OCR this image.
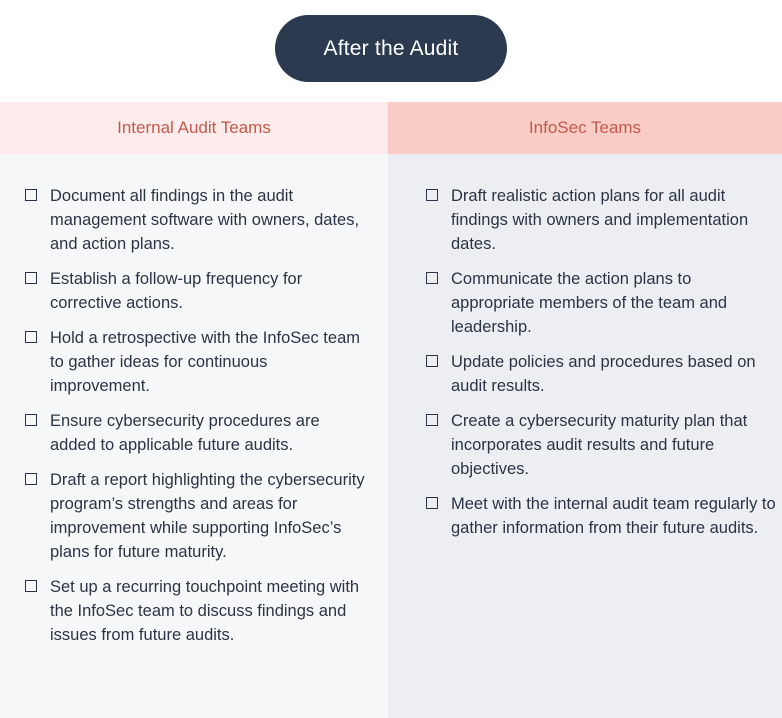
After the Audit
Internal Audit Teams
Document all findings in the audit management software with owners, dates, and action plans.
Establish a follow-up frequency for corrective actions.
Hold a retrospective with the InfoSec team to gather ideas for continuous improvement.
Ensure cybersecurity procedures are added to applicable future audits.
Draft a report highlighting the cybersecurity program’s strengths and areas for improvement while supporting InfoSec’s plans for future maturity.
Set up a recurring touchpoint meeting with the InfoSec team to discuss findings and issues from future audits.
InfoSec Teams
Draft realistic action plans for all audit findings with owners and implementation dates.
Communicate the action plans to appropriate members of the team and leadership.
Update policies and procedures based on audit results.
Create a cybersecurity maturity plan that incorporates audit results and future objectives.
Meet with the internal audit team regularly to gather information from their future audits.
